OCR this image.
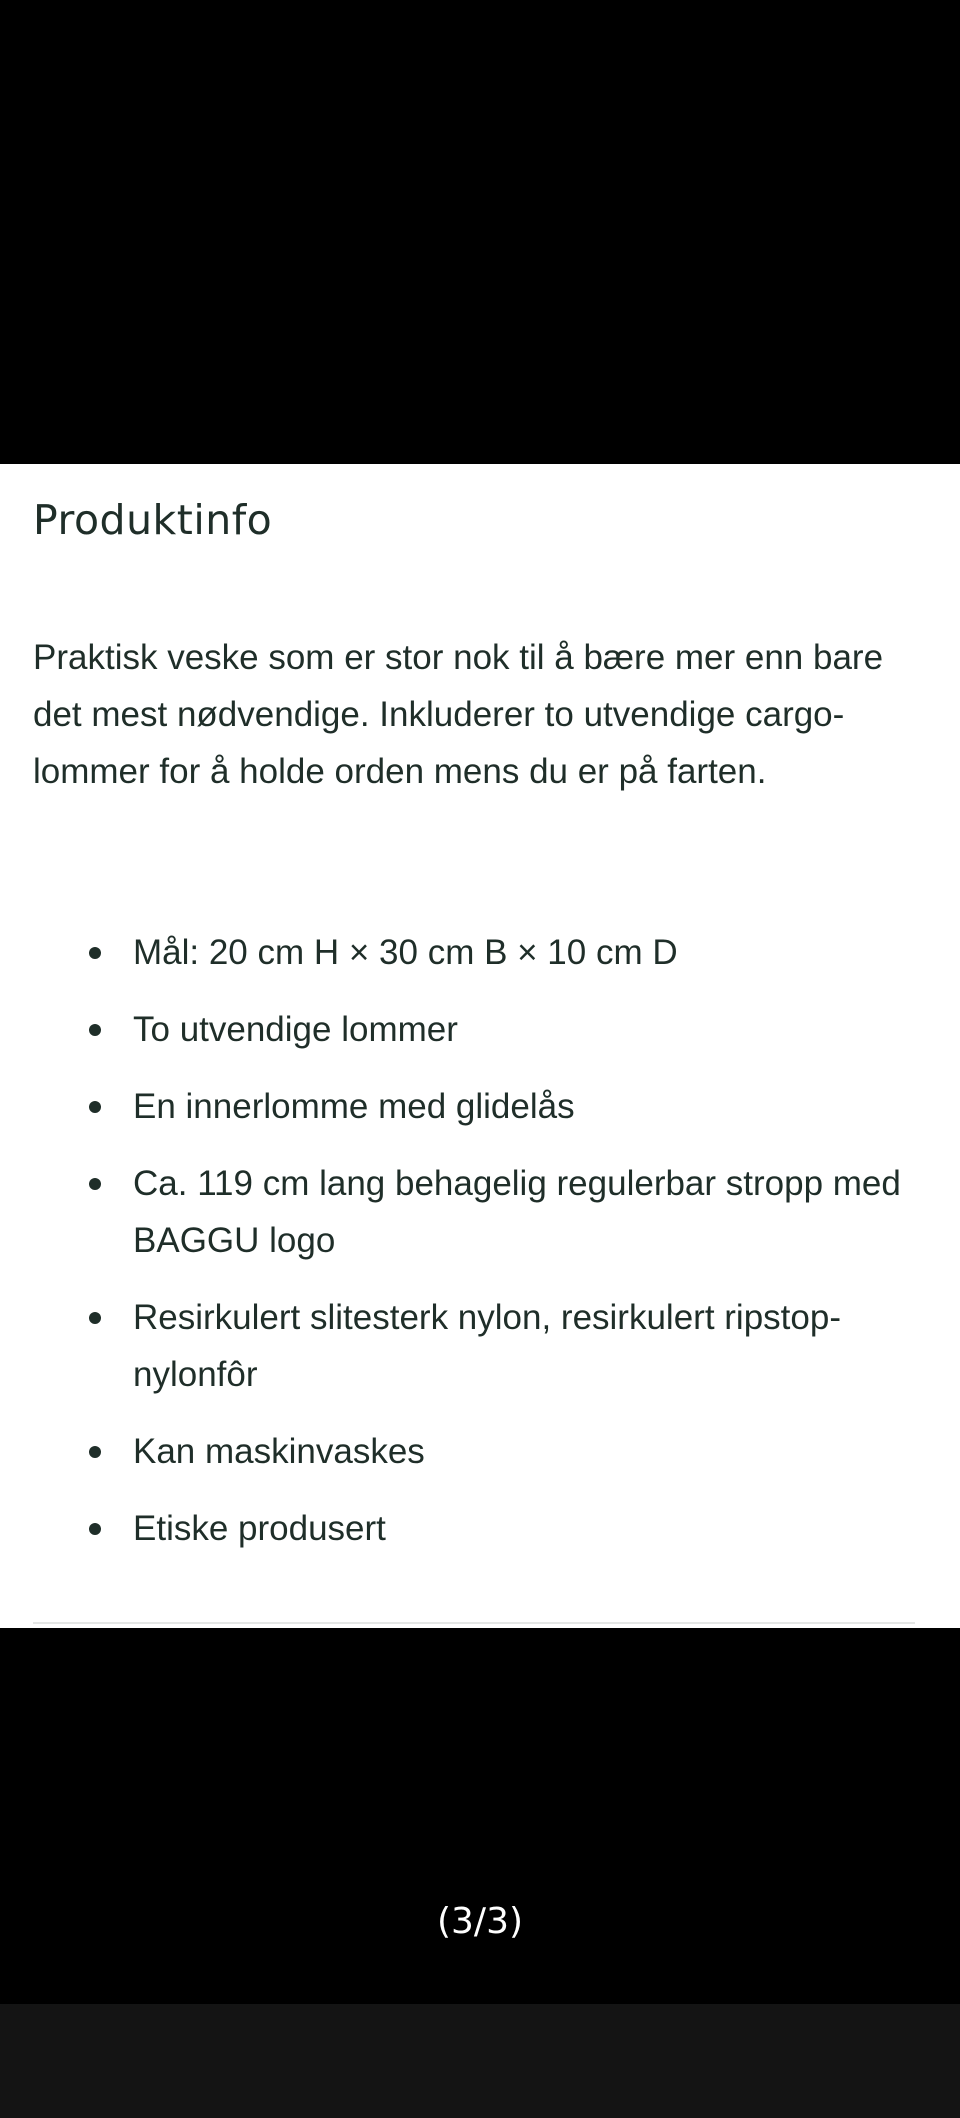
Produktinfo

Praktisk veske som er stor nok til å bære mer enn bare det mest nødvendige. Inkluderer to utvendige cargo-lommer for å holde orden mens du er på farten.

Mål: 20 cm H × 30 cm B × 10 cm D
To utvendige lommer
En innerlomme med glidelås
Ca. 119 cm lang behagelig regulerbar stropp med BAGGU logo
Resirkulert slitesterk nylon, resirkulert ripstop-nylonfôr
Kan maskinvaskes
Etiske produsert
(3/3)
